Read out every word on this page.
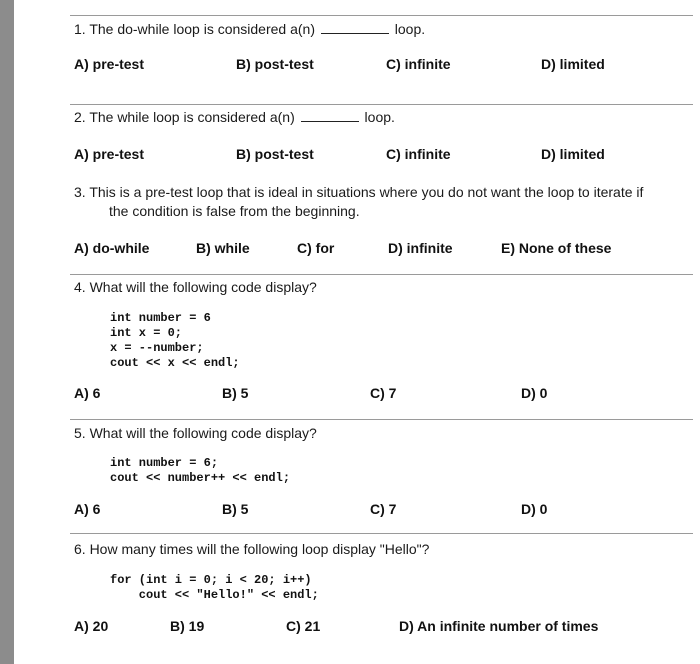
1. The do-while loop is considered a(n)	loop.
A) pre-test	B) post-test	C) infinite	D) limited
2. The while loop is considered a(n)	loop.
A) pre-test	B) post-test	C) infinite	D) limited
3. This is a pre-test loop that is ideal in situations where you do not want the loop to iterate if
the condition is false from the beginning.
A) do-while	B) while	C) for	D) infinite	E) None of these
4. What will the following code display?
int number = 6
int x = 0;
x = --number;
cout << x << endl;
A) 6	B) 5	C) 7	D) 0
5. What will the following code display?
int number = 6;
cout << number++ << endl;
A) 6	B) 5	C) 7	D) 0
6. How many times will the following loop display "Hello"?
for (int i = 0; i < 20; i++)
cout << "Hello!" << endl;
A) 20	B) 19	C) 21	D) An infinite number of times
